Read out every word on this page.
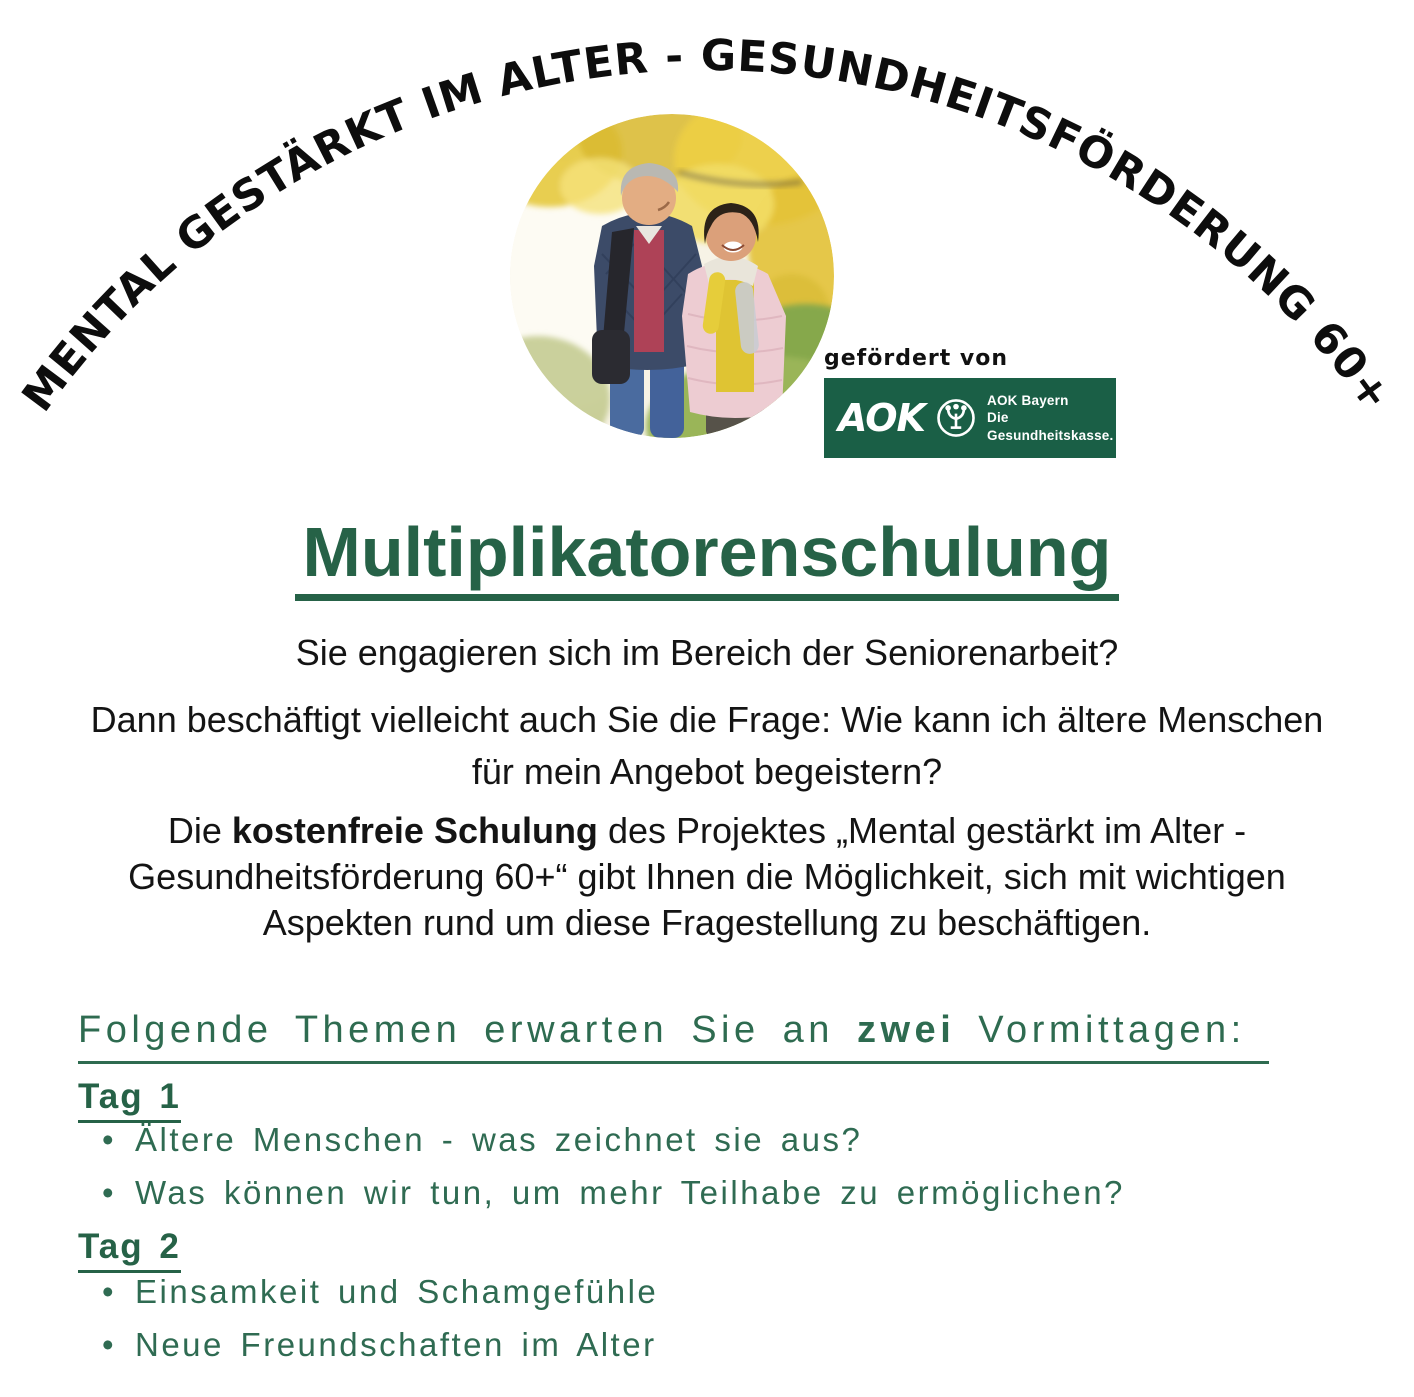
MENTAL GESTÄRKT IM ALTER - GESUNDHEITSFÖRDERUNG 60+
gefördert von
AOK	AOK Bayern
Die Gesundheitskasse.
Multiplikatorenschulung

Sie engagieren sich im Bereich der Seniorenarbeit?

Dann beschäftigt vielleicht auch Sie die Frage: Wie kann ich ältere Menschen
für mein Angebot begeistern?

Die kostenfreie Schulung des Projektes „Mental gestärkt im Alter - Gesundheitsförderung 60+“ gibt Ihnen die Möglichkeit, sich mit wichtigen Aspekten rund um diese Fragestellung zu beschäftigen.

Folgende Themen erwarten Sie an zwei Vormittagen:
Tag 1
• Ältere Menschen - was zeichnet sie aus?
• Was können wir tun, um mehr Teilhabe zu ermöglichen?
Tag 2
• Einsamkeit und Schamgefühle
• Neue Freundschaften im Alter
